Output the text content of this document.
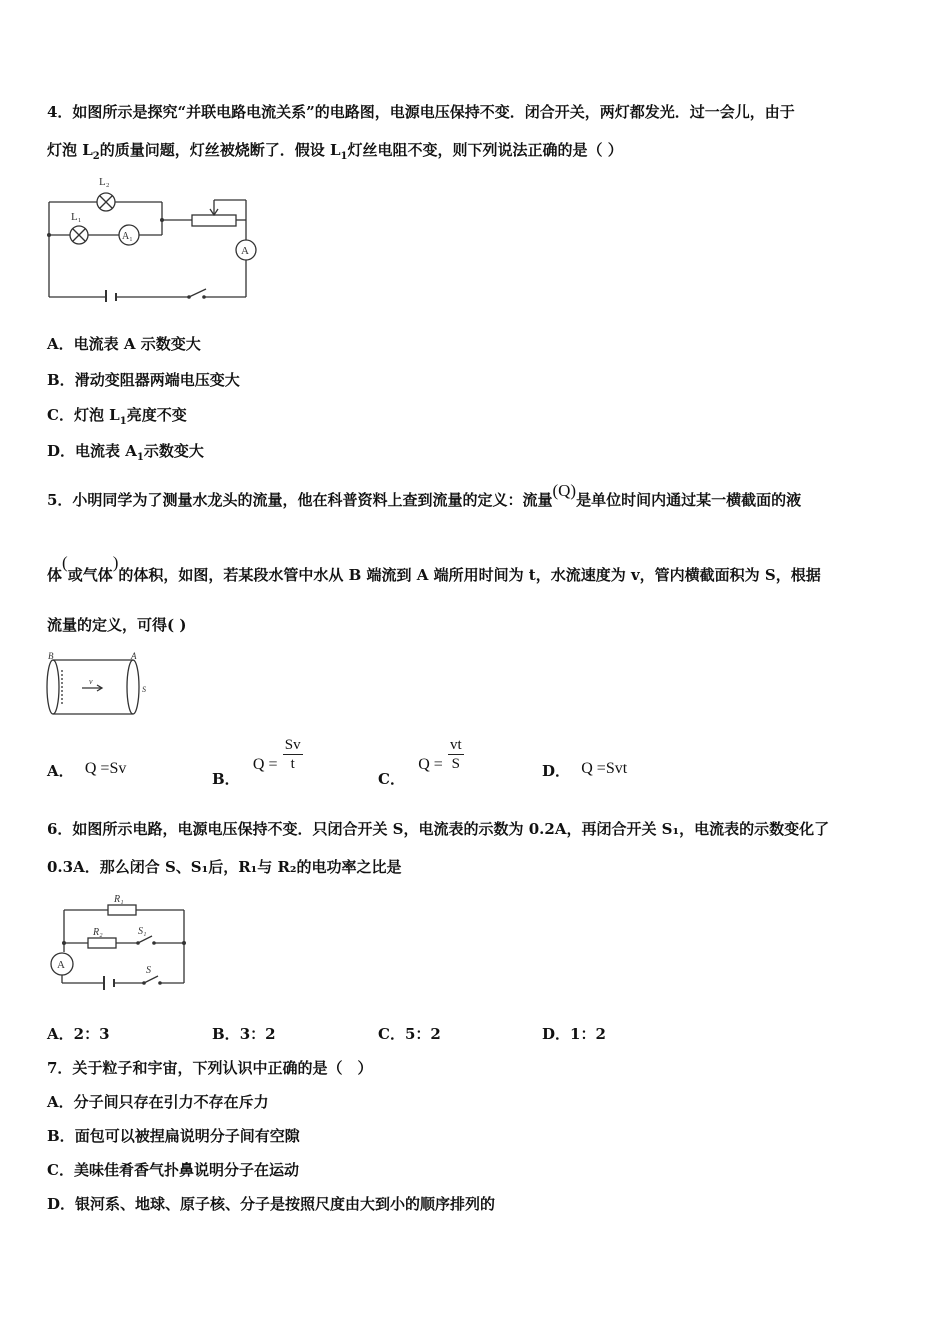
4．如图所示是探究“并联电路电流关系”的电路图，电源电压保持不变．闭合开关，两灯都发光．过一会儿，由于
灯泡 $L_2$的质量问题，灯丝被烧断了．假设 $L_1$灯丝电阻不变，则下列说法正确的是（ ）
L₂
L₁
A₁
A
A．电流表 A 示数变大
B．滑动变阻器两端电压变大
C．灯泡 $L_1$亮度不变
D．电流表 $A_1$示数变大
5．小明同学为了测量水龙头的流量，他在科普资料上查到流量的定义：流量(Q)是单位时间内通过某一横截面的液
体(或气体)的体积，如图，若某段水管中水从 B 端流到 A 端所用时间为 t，水流速度为 v，管内横截面积为 S，根据
流量的定义，可得( )
B	A
v
S
A． Q =Sv
B． $Q = \frac{Sv}{t}$
C． $Q = \frac{vt}{S}$	D． Q =Svt
6．如图所示电路，电源电压保持不变．只闭合开关 S，电流表的示数为 0.2A，再闭合开关 S₁，电流表的示数变化了
0.3A．那么闭合 S、S₁后，R₁与 R₂的电功率之比是
R₁
R₂	S₁
S
A
A．2：3	B．3：2	C．5：2	D．1：2
7．关于粒子和宇宙，下列认识中正确的是（　）
A．分子间只存在引力不存在斥力
B．面包可以被捏扁说明分子间有空隙
C．美味佳肴香气扑鼻说明分子在运动
D．银河系、地球、原子核、分子是按照尺度由大到小的顺序排列的
